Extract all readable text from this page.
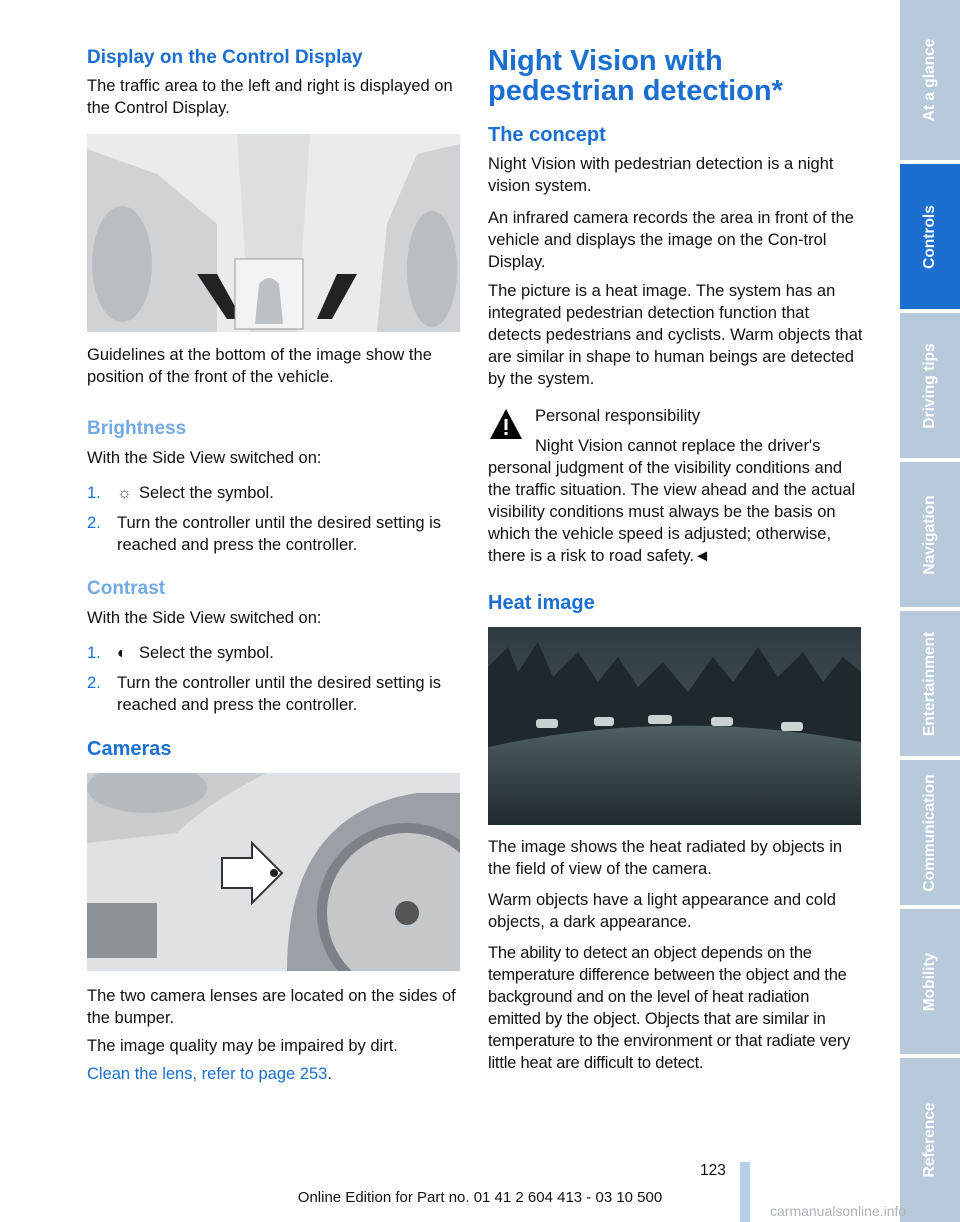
Display on the Control Display

The traffic area to the left and right is displayed on the Control Display.

Guidelines at the bottom of the image show the position of the front of the vehicle.

Brightness

With the Side View switched on:

1. ☼ Select the symbol.
2. Turn the controller until the desired setting is reached and press the controller.
Contrast

With the Side View switched on:

1. ◐ Select the symbol.
2. Turn the controller until the desired setting is reached and press the controller.
Cameras

The two camera lenses are located on the sides of the bumper.

The image quality may be impaired by dirt.

Clean the lens, refer to page 253.

Night Vision with pedestrian detection*
The concept

Night Vision with pedestrian detection is a night vision system.

An infrared camera records the area in front of the vehicle and displays the image on the Con-trol Display.

The picture is a heat image. The system has an integrated pedestrian detection function that detects pedestrians and cyclists. Warm objects that are similar in shape to human beings are detected by the system.

Personal responsibility

Night Vision cannot replace the driver's personal judgment of the visibility conditions and the traffic situation. The view ahead and the actual visibility conditions must always be the basis on which the vehicle speed is adjusted; otherwise, there is a risk to road safety.◄

Heat image

The image shows the heat radiated by objects in the field of view of the camera.

Warm objects have a light appearance and cold objects, a dark appearance.

The ability to detect an object depends on the temperature difference between the object and the background and on the level of heat radiation emitted by the object. Objects that are similar in temperature to the environment or that radiate very little heat are difficult to detect.

At a glance
Controls
Driving tips
Navigation
Entertainment
Communication
Mobility
Reference
123
Online Edition for Part no. 01 41 2 604 413 - 03 10 500
carmanualsonline.info
